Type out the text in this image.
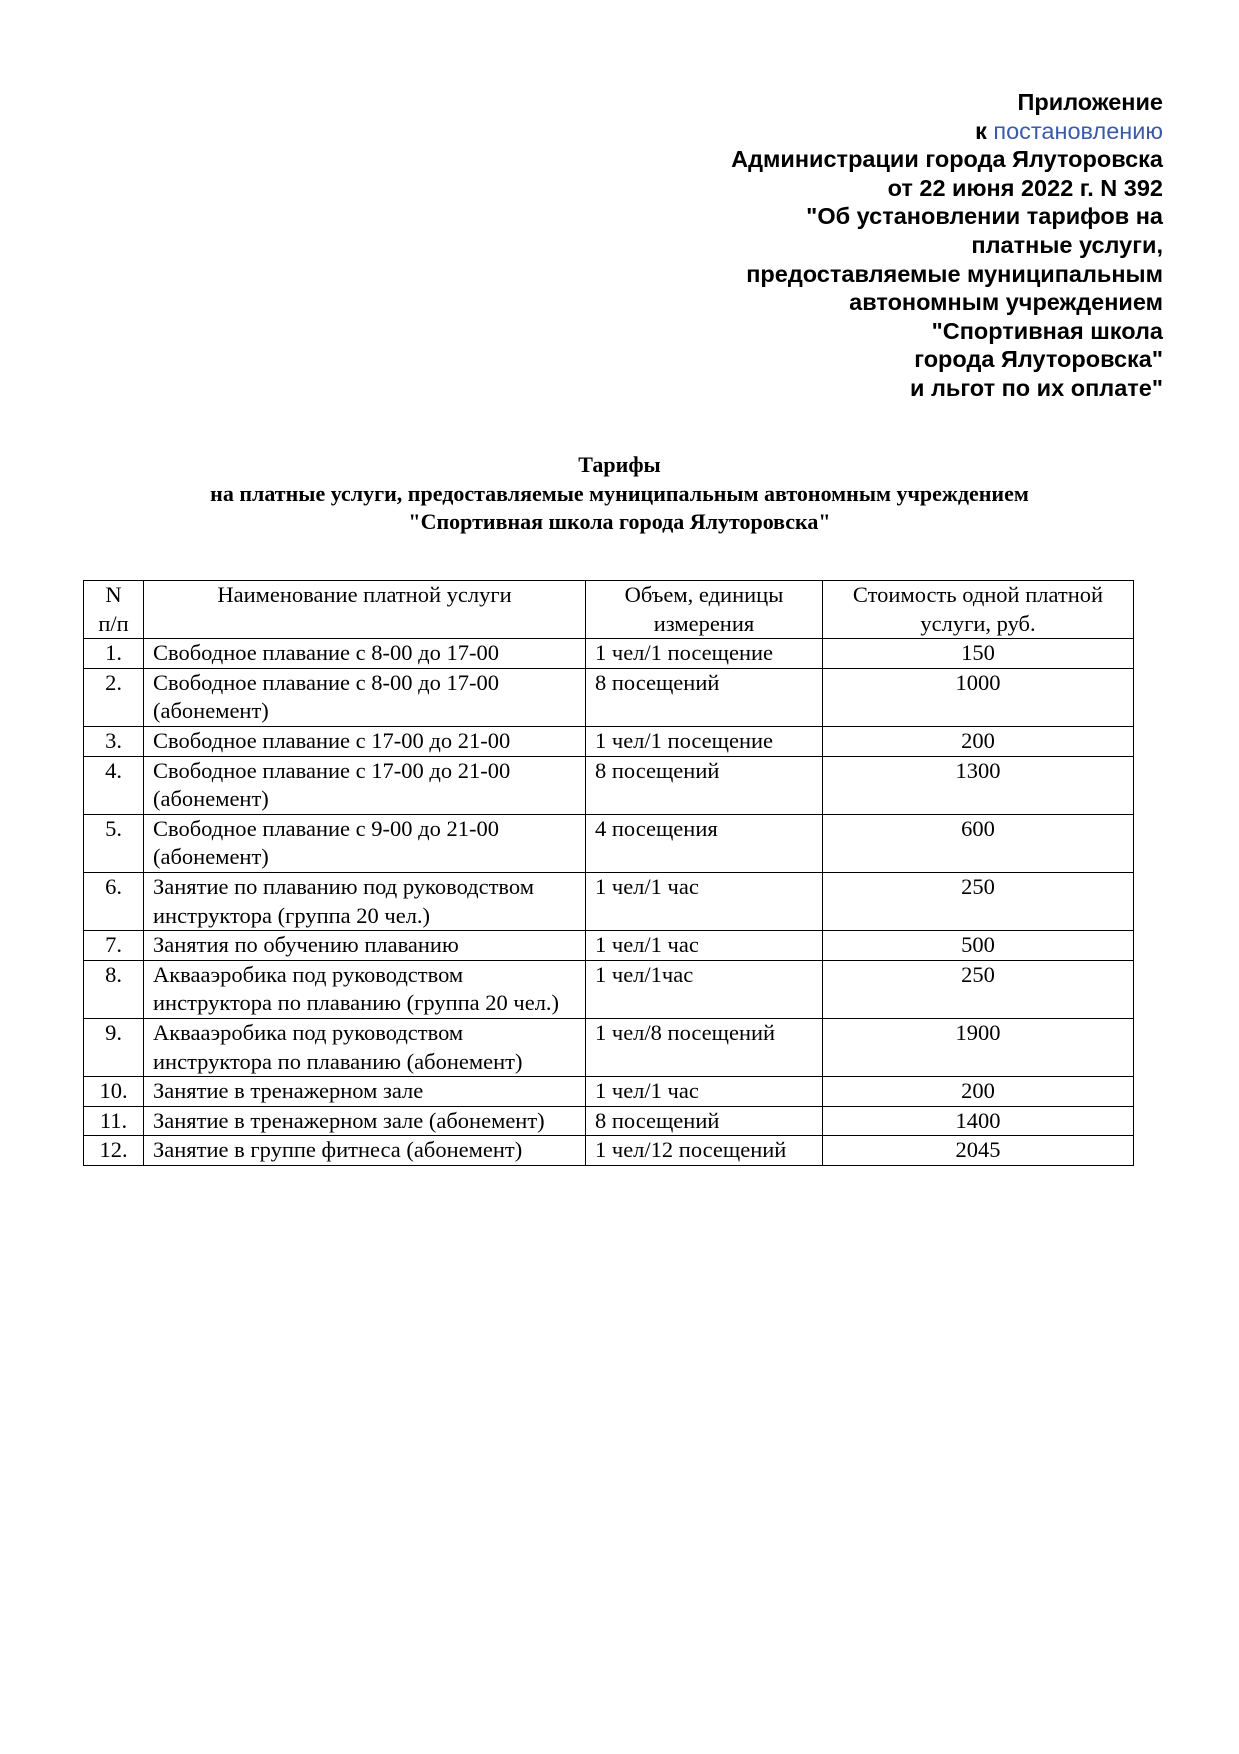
Приложение
к постановлению
Администрации города Ялуторовска
от 22 июня 2022 г. N 392
"Об установлении тарифов на
платные услуги,
предоставляемые муниципальным
автономным учреждением
"Спортивная школа
города Ялуторовска"
и льгот по их оплате"
Тарифы
на платные услуги, предоставляемые муниципальным автономным учреждением
"Спортивная школа города Ялуторовска"
N
п/п	Наименование платной услуги	Объем, единицы измерения	Стоимость одной платной услуги, руб.
1.	Свободное плавание с 8-00 до 17-00	1 чел/1 посещение	150
2.	Свободное плавание с 8-00 до 17-00 (абонемент)	8 посещений	1000
3.	Свободное плавание с 17-00 до 21-00	1 чел/1 посещение	200
4.	Свободное плавание с 17-00 до 21-00 (абонемент)	8 посещений	1300
5.	Свободное плавание с 9-00 до 21-00 (абонемент)	4 посещения	600
6.	Занятие по плаванию под руководством инструктора (группа 20 чел.)	1 чел/1 час	250
7.	Занятия по обучению плаванию	1 чел/1 час	500
8.	Аквааэробика под руководством инструктора по плаванию (группа 20 чел.)	1 чел/1час	250
9.	Аквааэробика под руководством инструктора по плаванию (абонемент)	1 чел/8 посещений	1900
10.	Занятие в тренажерном зале	1 чел/1 час	200
11.	Занятие в тренажерном зале (абонемент)	8 посещений	1400
12.	Занятие в группе фитнеса (абонемент)	1 чел/12 посещений	2045
